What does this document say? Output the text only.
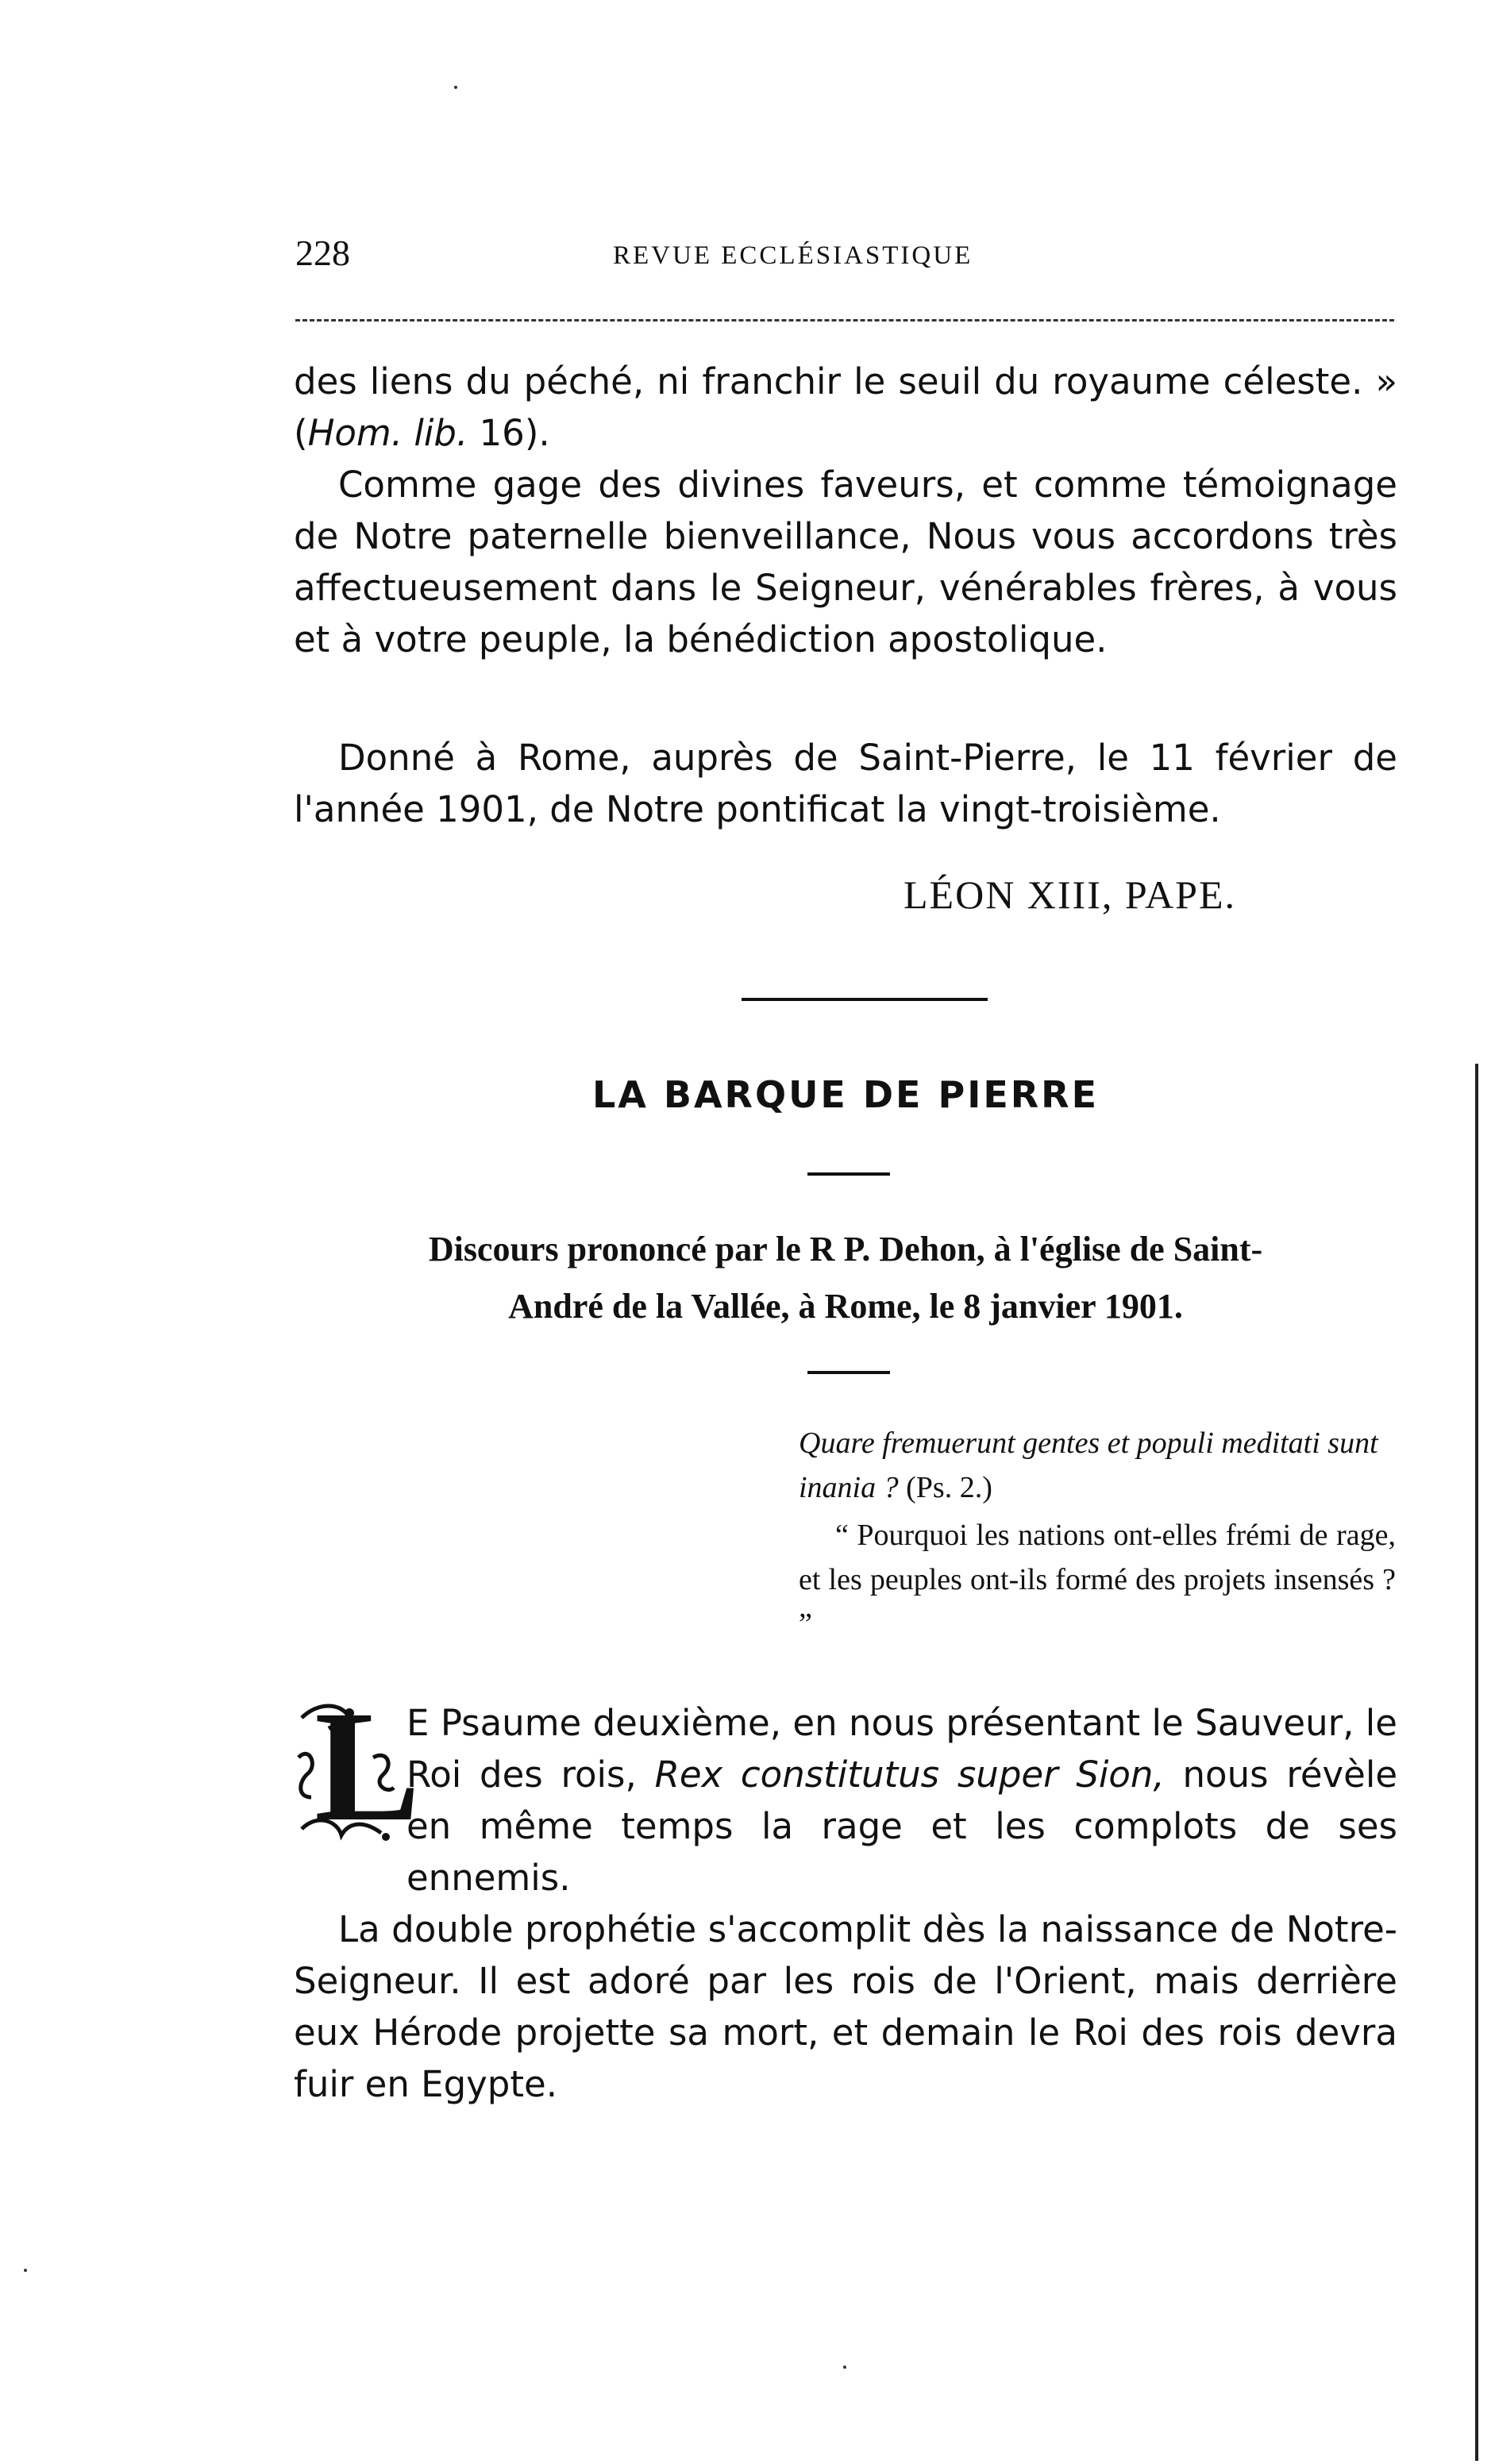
228	REVUE ECCLÉSIASTIQUE

des liens du péché, ni franchir le seuil du royaume céleste. » (Hom. lib. 16).

Comme gage des divines faveurs, et comme témoignage de Notre paternelle bienveillance, Nous vous accordons très affectueusement dans le Seigneur, vénérables frères, à vous et à votre peuple, la bénédiction apostolique.

Donné à Rome, auprès de Saint-Pierre, le 11 février de l'année 1901, de Notre pontificat la vingt-troisième.

LÉON XIII, PAPE.
LA BARQUE DE PIERRE

Discours prononcé par le R P. Dehon, à l'église de Saint-
André de la Vallée, à Rome, le 8 janvier 1901.

Quare fremuerunt gentes et populi meditati sunt inania ? (Ps. 2.)
“ Pourquoi les nations ont-elles frémi de rage, et les peuples ont-ils formé des projets insensés ? ”
L

E Psaume deuxième, en nous présentant le Sauveur, le Roi des rois, Rex constitutus super Sion, nous révèle en même temps la rage et les complots de ses ennemis.

La double prophétie s'accomplit dès la naissance de Notre-Seigneur. Il est adoré par les rois de l'Orient, mais derrière eux Hérode projette sa mort, et demain le Roi des rois devra fuir en Egypte.
